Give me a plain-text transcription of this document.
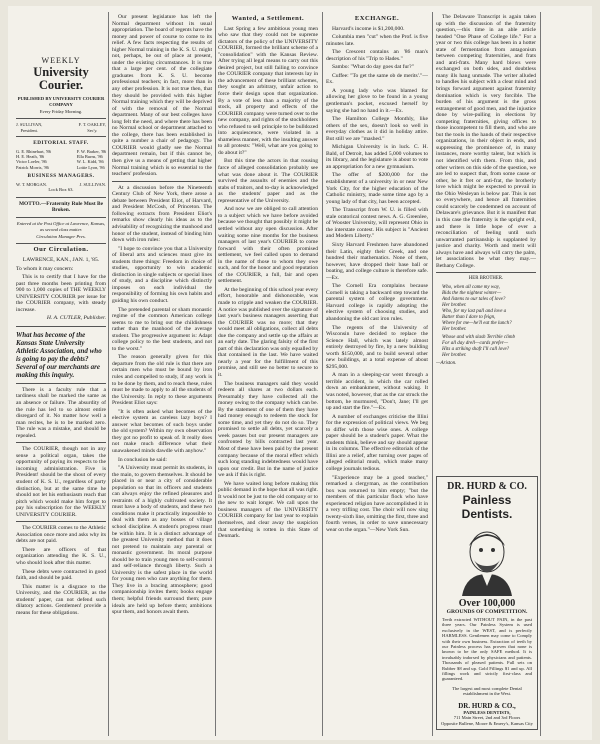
WEEKLY
University Courier.
PUBLISHED BY UNIVERSITY COURIER COMPANY
Every Friday Morning.
J. SULLIVAN,
President.
F. T. OAKLEY,
Sec'y.
EDITORIAL STAFF.
G. E. Rhinehart, '86
H. E. Heath, '86
Victor Loeler, '86
Patrick Morris, '86
F. W. Barker, '86
Ella Burns, '86
W. L. Kidd, '86
Lottie Lyon, '86
BUSINESS MANAGERS.
W. T. MORGAN.	J. SULLIVAN.
Lock Box 63.
MOTTO.—Fraternity Rule Must Be Broken.
Entered at the Post Office at Lawrence, Kansas, as second class matter.
Circulation Manager Pres.
Our Circulation.

LAWRENCE, KAN., JAN. 1, '85.

To whom it may concern:

This is to certify that I have for the past three months been printing from 900 to 1,000 copies of THE WEEKLY UNIVERSITY COURIER per issue for the COURIER company, with steady increase.

H. A. CUTLER, Publisher.

What has become of the Kansas State University Athletic Association, and who is going to pay the debts? Several of our merchants are making this inquiry.

There is a faculty rule that a tardiness shall be marked the same as an absence or failure. The absurdity of the rule has led to so almost entire disregard of it. No matter how well a man recites, he is to be marked zero. The rule was a mistake, and should be repealed.

The COURIER, though not in any sense a political organ, takes the opportunity of paying its respects to the incoming administration. Five is President! should be the shout of every student of K. S. U., regardless of party distinction, but at the same time he should not let his enthusiasm reach that pitch which would make him forget to pay his subscription for the WEEKLY UNIVERSITY COURIER.

The COURIER comes to the Athletic Association once more and asks why its debts are not paid.

There are officers of that organization attending the K. S. U., who should look after this matter.

These debts were contracted in good faith, and should be paid.

This matter is a disgrace to the University, and the COURIER, as the students' paper, can not defend such dilatory actions. Gentlemen! provide a means for these obligations.

Our present legislature has left the Normal department without its usual appropriation. The board of regents have the money and power of course to come to its relief. A few facts respecting the results of higher Normal training in the K. S. U. might not, perhaps, be out of place at present, under the existing circumstances. It is true that a large per cent. of the collegiate graduates from K. S. U. become professional teachers; in fact, more than in any other profession. It is not true then, that they should be provided with this higher Normal training which they will be deprived of with the removal of the Normal department. Many of our best colleges have long felt the need, and where there has been no Normal school or department attached to the college, there has been established in quite a number a chair of pedagogy. The COURIER would gladly see the Normal department remain, but if this cannot be, then give us a means of getting that higher Normal training which is so essential to the teachers' profession.

At a discussion before the Nineteenth Century Club of New York, there arose a debate between President Eliot, of Harvard, and President McCosh, of Princeton. The following extracts from President Eliot's remarks show clearly his ideas as to the advisability of recognizing the manhood and honor of the student, instead of binding him down with iron rules:

"I hope to convince you that a University of liberal arts and sciences must give its students three things: Freedom in choice of studies, opportunity to win academic distinction in single subjects or special lines of study, and a discipline which distinctly imposes on each individual the responsibility of forming his own habits and guiding his own conduct.

The pretended parental or sham monastic regime of the common American college seems to me to bring out the childishness rather than the manhood of the average student. The progressive argument is: Adapt college policy to the best students, and not to the worst."

The reason generally given for this departure from the old rule is that there are certain men who must be bound by iron rules and compelled to study, if any work is to be done by them, and to reach these, rules must be made to apply to all the students of the University. In reply to these arguments President Eliot says:

"It is often asked what becomes of the elective system as careless lazy boys? I answer what becomes of such boys under the old system? Within my own observation they got no profit to speak of. It really does not make much difference what their unawakened minds dawdle with anyhow."

In conclusion he said:

"A University must permit its students, in the main, to govern themselves. It should be placed in or near a city of considerable population so that its officers and students can always enjoy the refined pleasures and restraints of a highly cultivated society. It must have a body of students, and these two conditions make it practically impossible to deal with them as any bosses of village school discipline. A student's progress must be within him. It is a distinct advantage of the greatest University method that it does not pretend to maintain any parental or monastic government. Its moral purpose should be to train young men to self-control and self-reliance through liberty. Such a University is the safest place in the world for young men who care anything for them. They live in a bracing atmosphere; good companionship invites them; books engage them; helpful friends surround them; pure ideals are held up before them; ambitions spur them, and honors await them.

Wanted, a Settlement.

Last Spring a few ambitious young men who saw that they could not be supreme dictators of the policy of the UNIVERSITY COURIER, formed the brilliant scheme of a "consolidation" with the Kansas Review. After trying all legal means to carry out this desired project, but still failing to convince the COURIER company that interests lay in the advancement of these brilliant schemes, they sought an arbitrary, unfair action to force their design upon that organization. By a vote of less than a majority of the stock, all property and effects of the COURIER company were turned over to the new company, and rights of the stockholders who refused to sell principle to be bulldozed into acquiescence, were violated in a shameless manner, with the insulting answer to all protests: "Well, what are you going to do about it?"

But this time the actors in that rousing farce of alleged consolidation probably see what was done about it. The COURIER survived the assaults of enemies and the stabs of traitors, and to-day is acknowledged as the students' paper and as the representative of the University.

And now we are obliged to call attention to a subject which we have before avoided because we thought that possibly it might be settled without any open discussion. After waiting some nine months for the business managers of last year's COURIER to come forward with their often promised settlement, we feel called upon to demand in the name of those to whom they owe such, and for the honor and good reputation of the COURIER, a full, fair and open settlement.

At the beginning of this school year every effort, honorable and dishonorable, was made to cripple and weaken the COURIER. A notice was published over the signature of last year's business managers asserting that the COURIER was no more; that they would meet all obligations, collect all debts due the company and settle up the affairs at an early date. The glaring falsity of the first part of this declaration was only equalled by that contained in the last. We have waited nearly a year for the fulfillment of this promise, and still see no better to secure to it.

The business managers said they would redeem all shares at two dollars each. Presumably they have collected all the money owing to the company which can be. By the statement of one of them they have had money enough to redeem the stock for some time, and yet they do not do so. They promised to settle all debts, yet scarcely a week passes but our present managers are confronted by bills contracted last year. Most of these have been paid by the present company because of the moral effect which such long standing indebtedness would have upon our credit. But in the name of justice we ask if this is right.

We have waited long before making this public demand in the hope that all was right. It would not be just to the old company or to the new to wait longer. We call upon the business managers of the UNIVERSITY COURIER company for last year to explain themselves, and clear away the suspicion that something is rotten in this State of Denmark.

EXCHANGE.

Harvard's income is $1,200,000.

Columbia men "cut" when the Prof. is five minutes late.

The Crescent contains an '86 man's description of his "Trip to Hades."

Sambo: "What do day goes dat fur?"

Cuffee: "To get the same ob de merits'."—Ex.

A young lady who was blamed for allowing her glove to be found in a young gentleman's pocket, excused herself by saying she had no hand in it.—Ex.

The Hamilton College Monthly, like others of the sex, doesn't look so well in everyday clothes as it did in holiday attire. But still we are "mashed."

Michigan University is in luck. C. H. Bald, of Detroit, has added 5,000 volumes to its library, and the legislature is about to vote an appropriation for a new gymnasium.

The offer of $200,000 for the establishment of a university in or near New York City, for the higher education of the Catholic ministry, made some time ago by a young lady of that city, has been accepted.

The Transcript from W. U. is filled with stale oratorical contest news. A. G. Greenlee, of Wooster University, will represent Ohio in the interstate contest. His subject is "Ancient and Modern Liberty."

Sixty Harvard Freshmen have abandoned their Latin, eighty their Greek, and one hundred their mathematics. None of them, however, have dropped their base ball or boating, and college culture is therefore safe.—Ex.

The Cornell Era complains because Cornell is taking a backward step toward the parental system of college government. Harvard college is rapidly adopting the elective system of choosing studies, and abandoning the old cast iron rules.

The regents of the University of Wisconsin have decided to replace the Science Hall, which was lately almost entirely destroyed by fire, by a new building worth $150,000, and to build several other new buildings, at a total expense of about $295,000.

A man in a sleeping-car went through a terrible accident, in which the car rolled down an embankment, without waking. It was noted, however, that as the car struck the bottom, he murmured, "Don't, Jane; I'll get up and start the fire."—Ex.

A number of exchanges criticise the Illini for the expression of political views. We beg to differ with those wise ones. A college paper should be a student's paper. What the students think, believe and say should appear in its columns. The effective editorials of the Illini are a relief, after turning over pages of alleged editorial mush, which make many college journals tedious.

"Experience may be a good teacher," remarked a clergyman, as the contribution box was returned to him empty; "but the members of this particular flock who have experienced religion have accomplished it in a very trifling cost. The choir will now sing twenty-sixth line, omitting the first, three and fourth verses, in order to save unnecessary wear on the organ."—New York Sun.

The Delaware Transcript is again taken up with the discussion of the fraternity question,—this time in an able article headed "One Phase of College life." For a year or two this college has been in a hotter state of fermentation from antagonism between competing fraternities, and frats and anti-frats. Many hard blows were exchanged on both sides, and doubtless many ills hang unmade. The writer alluded to handles his subject with a clear mind and brings forward argument against fraternity domination which is very forcible. The burden of his argument is the gross estrangement of good men, and the injustice done by wire-pulling in elections by competing fraternities, giving offices to those incompetent to fill them, and who are but the tools in the hands of their respective organizations, in their object in ends, and suppressing the prominence of, in many instances, more worthy talent, but which is not identified with them. From this, and other writers on this side of the question, we are led to suspect that, from some cause or other, be it fret or anti-frat, the brotherly love which might be expected to prevail in the Ohio Wesleyan is below par. This is not so everywhere, and hence all fraternities could scarcely be condemned on account of Delaware's grievance. But it is manifest that in this case the fraternity is the upright evil, and there is little hope of ever a reconciliation of feeling until such unwarranted partisanship is supplanted by justice and charity. Worth and merit will always have and always will carry the palm, let associations be what they may.—Bethany College.

HER BROTHER.

Who, when all came my way,
Bids the the nightest winter—
And listens to our tales of love?
Her brother.
Who, for my last pall and love a
Batter than I dare to feign,
Where for me—he'll eat the lunch?
Her brother.
Whose and with slash Terrible climb
For all day drell—cards prefer—
Hits a striking shaft I'll call love?
Her brother.

—Ariston.

DR. HURD & CO.
Painless Dentists.
Over 100,000
GROUNDS OF COMPETITION.
Teeth extracted WITHOUT PAIN, in the past three years. Our Painless System is used exclusively in the WEST, and is perfectly HARMLESS. Gentlemen may come to Comply with their own business. Extraction of teeth by our Painless process has proven that none is known to be the only SAFE method. It is invaluably indorsed by physicians and patients. Thousands of pleased patients. Full sets on Rubber $8 and up. Gold Fillings $1 and up. All fillings work and strictly first-class and guaranteed.
The largest and most complete Dental establishment in the West.
DR. HURD & CO.,
PAINLESS DENTISTS,
711 Main Street, 2nd and 3rd Floors
Opposite Bullene, Moore & Emery's, Kansas City
